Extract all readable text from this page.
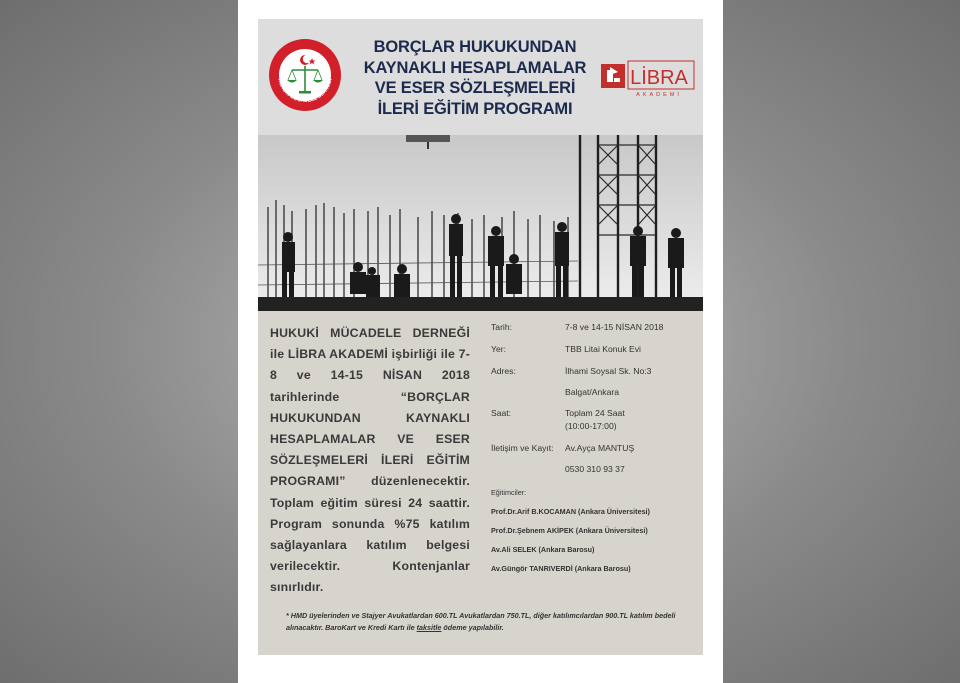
HUKUKİ MÜCADELE DERNEĞİ
BORÇLAR HUKUKUNDAN
KAYNAKLI HESAPLAMALAR
VE ESER SÖZLEŞMELERİ
İLERİ EĞİTİM PROGRAMI
LİBRA
AKADEMİ
HUKUKİ MÜCADELE DERNEĞİ ile LİBRA AKADEMİ işbirliği ile 7-8 ve 14-15 NİSAN 2018 tarihlerinde “BORÇLAR HUKUKUNDAN KAYNAKLI HESAPLAMALAR VE ESER SÖZLEŞMELERİ İLERİ EĞİTİM PROGRAMI” düzenlenecektir. Toplam eğitim süresi 24 saattir. Program sonunda %75 katılım sağlayanlara katılım belgesi verilecektir. Kontenjanlar sınırlıdır.
Tarih:	7-8 ve 14-15 NİSAN 2018
Yer:	TBB Litai Konuk Evi
Adres:	İlhami Soysal Sk. No:3
Balgat/Ankara
Saat:	Toplam 24 Saat
(10:00-17:00)
İletişim ve Kayıt: Av.Ayça MANTUŞ
0530 310 93 37
Eğitimciler:
Prof.Dr.Arif B.KOCAMAN (Ankara Üniversitesi)
Prof.Dr.Şebnem AKİPEK (Ankara Üniversitesi)
Av.Ali SELEK (Ankara Barosu)
Av.Güngör TANRIVERDİ (Ankara Barosu)
* HMD üyelerinden ve Stajyer Avukatlardan 600.TL Avukatlardan 750.TL, diğer katılımcılardan 900.TL katılım bedeli alınacaktır. BaroKart ve Kredi Kartı ile taksitle ödeme yapılabilir.
